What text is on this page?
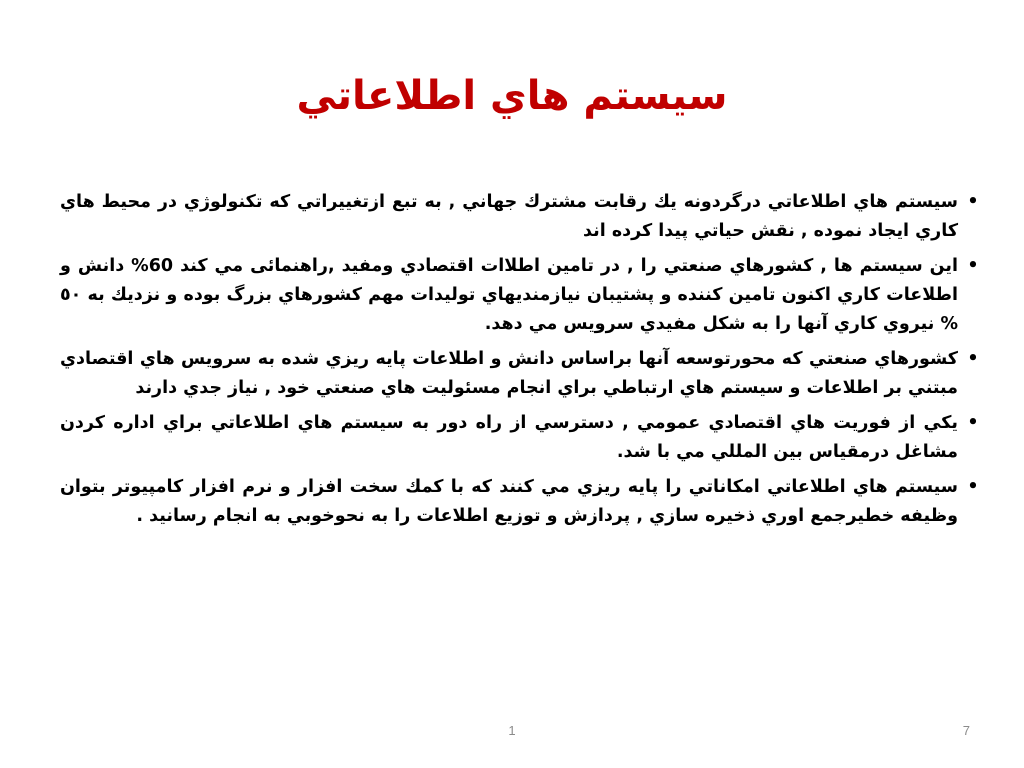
سيستم هاي اطلاعاتي
•
سيستم هاي اطلاعاتي درگردونه يك رقابت مشترك جهاني , به تبع ازتغييراتي كه تكنولوژي در محيط هاي كاري ايجاد نموده , نقش حياتي پيدا كرده اند
•
اين سيستم ها , كشورهاي صنعتي را , در تامين اطلاات اقتصادي ومفيد ,راهنمائی مي كند 60% دانش و اطلاعات كاري اكنون تامين كننده و پشتيبان نيازمنديهاي توليدات مهم كشورهاي بزرگ بوده و نزديك به ٥٠ % نيروي كاري آنها را به شكل مفيدي سرويس مي دهد.
•
كشورهاي صنعتي كه محورتوسعه آنها براساس دانش و اطلاعات پايه ريزي شده به سرويس هاي اقتصادي مبتني بر اطلاعات و سيستم هاي ارتباطي براي انجام مسئوليت هاي صنعتي خود , نياز جدي دارند
•
يكي از فوريت هاي اقتصادي عمومي , دسترسي از راه دور به سيستم هاي اطلاعاتي براي اداره كردن مشاغل درمقياس بين المللي مي با شد.
•
سيستم هاي اطلاعاتي امكاناتي را پايه ريزي مي كنند كه با كمك سخت افزار و نرم افزار كامپيوتر بتوان وظيفه خطيرجمع اوري ذخيره سازي , پردازش و توزيع اطلاعات را به نحوخوبي به انجام رسانيد .
1	7
